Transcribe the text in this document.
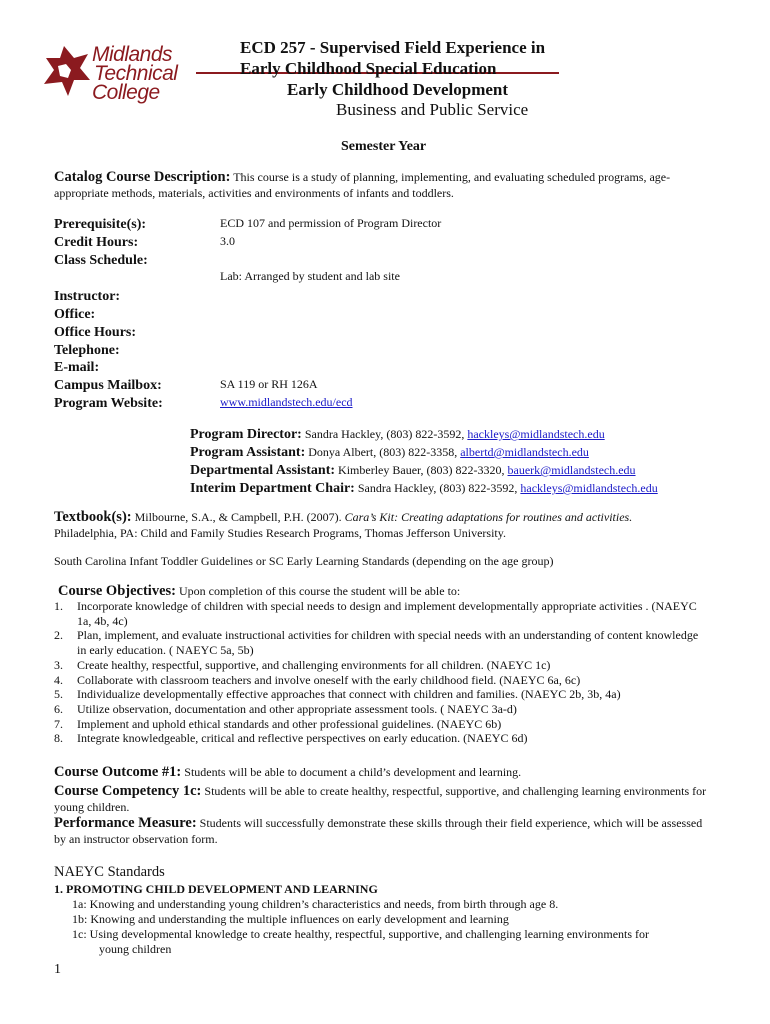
Midlands
Technical
College
ECD 257 - Supervised Field Experience in
Early Childhood Special Education
Early Childhood Development
Business and Public Service
Semester Year
Catalog Course Description: This course is a study of planning, implementing, and evaluating scheduled programs, age-appropriate methods, materials, activities and environments of infants and toddlers.
Prerequisite(s):	ECD 107 and permission of Program Director
Credit Hours:	3.0
Class Schedule:
Lab: Arranged by student and lab site
Instructor:
Office:
Office Hours:
Telephone:
E-mail:
Campus Mailbox:	SA 119 or RH 126A
Program Website:	www.midlandstech.edu/ecd
Program Director: Sandra Hackley, (803) 822-3592, hackleys@midlandstech.edu
Program Assistant: Donya Albert, (803) 822-3358, albertd@midlandstech.edu
Departmental Assistant: Kimberley Bauer, (803) 822-3320, bauerk@midlandstech.edu
Interim Department Chair: Sandra Hackley, (803) 822-3592, hackleys@midlandstech.edu
Textbook(s): Milbourne, S.A., & Campbell, P.H. (2007). Cara’s Kit: Creating adaptations for routines and activities.
Philadelphia, PA: Child and Family Studies Research Programs, Thomas Jefferson University.
South Carolina Infant Toddler Guidelines or SC Early Learning Standards (depending on the age group)
Course Objectives: Upon completion of this course the student will be able to:
1. Incorporate knowledge of children with special needs to design and implement developmentally appropriate activities . (NAEYC 1a, 4b, 4c)
2. Plan, implement, and evaluate instructional activities for children with special needs with an understanding of content knowledge in early education. ( NAEYC 5a, 5b)
3. Create healthy, respectful, supportive, and challenging environments for all children. (NAEYC 1c)
4. Collaborate with classroom teachers and involve oneself with the early childhood field. (NAEYC 6a, 6c)
5. Individualize developmentally effective approaches that connect with children and families. (NAEYC 2b, 3b, 4a)
6. Utilize observation, documentation and other appropriate assessment tools. ( NAEYC 3a-d)
7. Implement and uphold ethical standards and other professional guidelines. (NAEYC 6b)
8. Integrate knowledgeable, critical and reflective perspectives on early education. (NAEYC 6d)
Course Outcome #1: Students will be able to document a child’s development and learning.
Course Competency 1c: Students will be able to create healthy, respectful, supportive, and challenging learning environments for young children.
Performance Measure: Students will successfully demonstrate these skills through their field experience, which will be assessed by an instructor observation form.
NAEYC Standards
1. PROMOTING CHILD DEVELOPMENT AND LEARNING
1a: Knowing and understanding young children’s characteristics and needs, from birth through age 8.
1b: Knowing and understanding the multiple influences on early development and learning
1c: Using developmental knowledge to create healthy, respectful, supportive, and challenging learning environments for
young children
1
